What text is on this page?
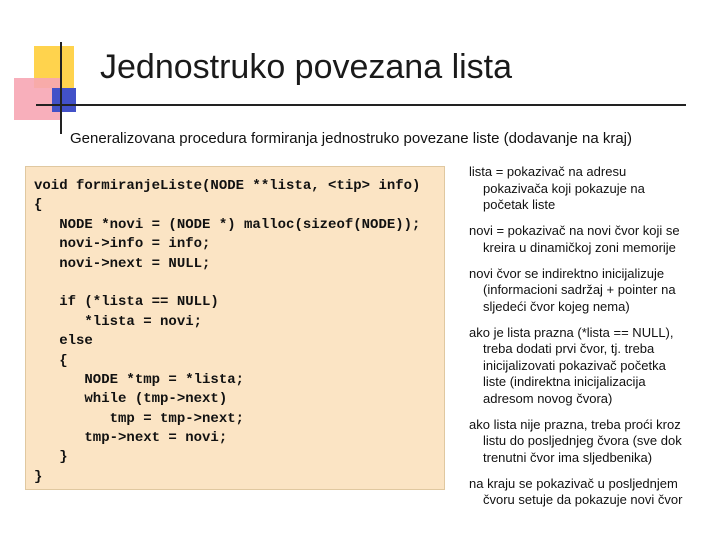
Jednostruko povezana lista
Generalizovana procedura formiranja jednostruko povezane liste (dodavanje na kraj)
void formiranjeListe(NODE **lista, <tip> info)
{
NODE *novi = (NODE *) malloc(sizeof(NODE));
novi->info = info;
novi->next = NULL;
if (*lista == NULL)
*lista = novi;
else
{
NODE *tmp = *lista;
while (tmp->next)
tmp = tmp->next;
tmp->next = novi;
}
}
lista = pokazivač na adresu
pokazivača koji pokazuje na
početak liste
novi = pokazivač na novi čvor koji se
kreira u dinamičkoj zoni memorije
novi čvor se indirektno inicijalizuje
(informacioni sadržaj + pointer na
sljedeći čvor kojeg nema)
ako je lista prazna (*lista == NULL),
treba dodati prvi čvor, tj. treba
inicijalizovati pokazivač početka
liste (indirektna inicijalizacija
adresom novog čvora)
ako lista nije prazna, treba proći kroz
listu do posljednjeg čvora (sve dok
trenutni čvor ima sljedbenika)
na kraju se pokazivač u posljednjem
čvoru setuje da pokazuje novi čvor
